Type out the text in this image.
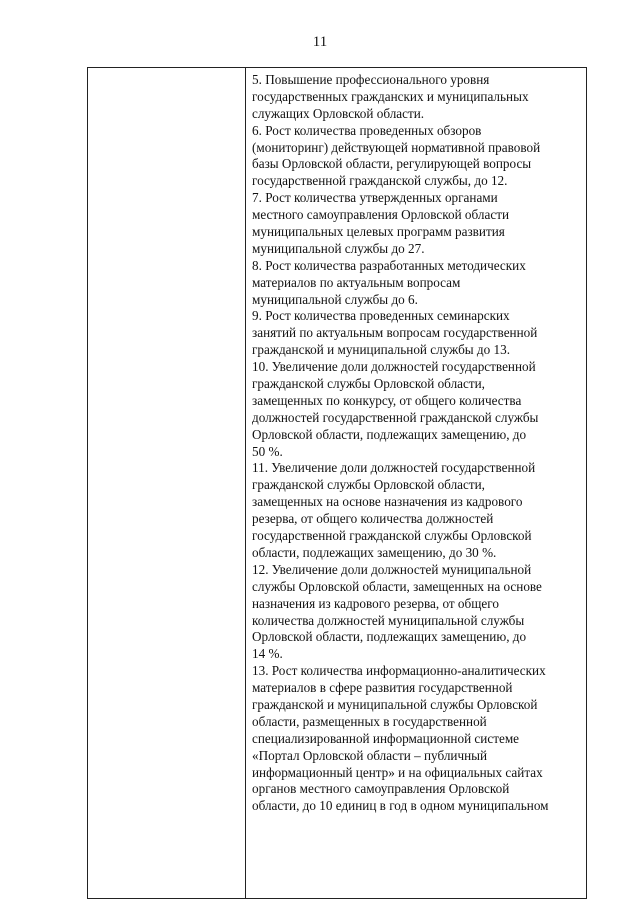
11
5. Повышение профессионального уровня
государственных гражданских и муниципальных
служащих Орловской области.
6. Рост количества проведенных обзоров
(мониторинг) действующей нормативной правовой
базы Орловской области, регулирующей вопросы
государственной гражданской службы, до 12.
7. Рост количества утвержденных органами
местного самоуправления Орловской области
муниципальных целевых программ развития
муниципальной службы до 27.
8. Рост количества разработанных методических
материалов по актуальным вопросам
муниципальной службы до 6.
9. Рост количества проведенных семинарских
занятий по актуальным вопросам государственной
гражданской и муниципальной службы до 13.
10. Увеличение доли должностей государственной
гражданской службы Орловской области,
замещенных по конкурсу, от общего количества
должностей государственной гражданской службы
Орловской области, подлежащих замещению, до
50 %.
11. Увеличение доли должностей государственной
гражданской службы Орловской области,
замещенных на основе назначения из кадрового
резерва, от общего количества должностей
государственной гражданской службы Орловской
области, подлежащих замещению, до 30 %.
12. Увеличение доли должностей муниципальной
службы Орловской области, замещенных на основе
назначения из кадрового резерва, от общего
количества должностей муниципальной службы
Орловской области, подлежащих замещению, до
14 %.
13. Рост количества информационно-аналитических
материалов в сфере развития государственной
гражданской и муниципальной службы Орловской
области, размещенных в государственной
специализированной информационной системе
«Портал Орловской области – публичный
информационный центр» и на официальных сайтах
органов местного самоуправления Орловской
области, до 10 единиц в год в одном муниципальном
